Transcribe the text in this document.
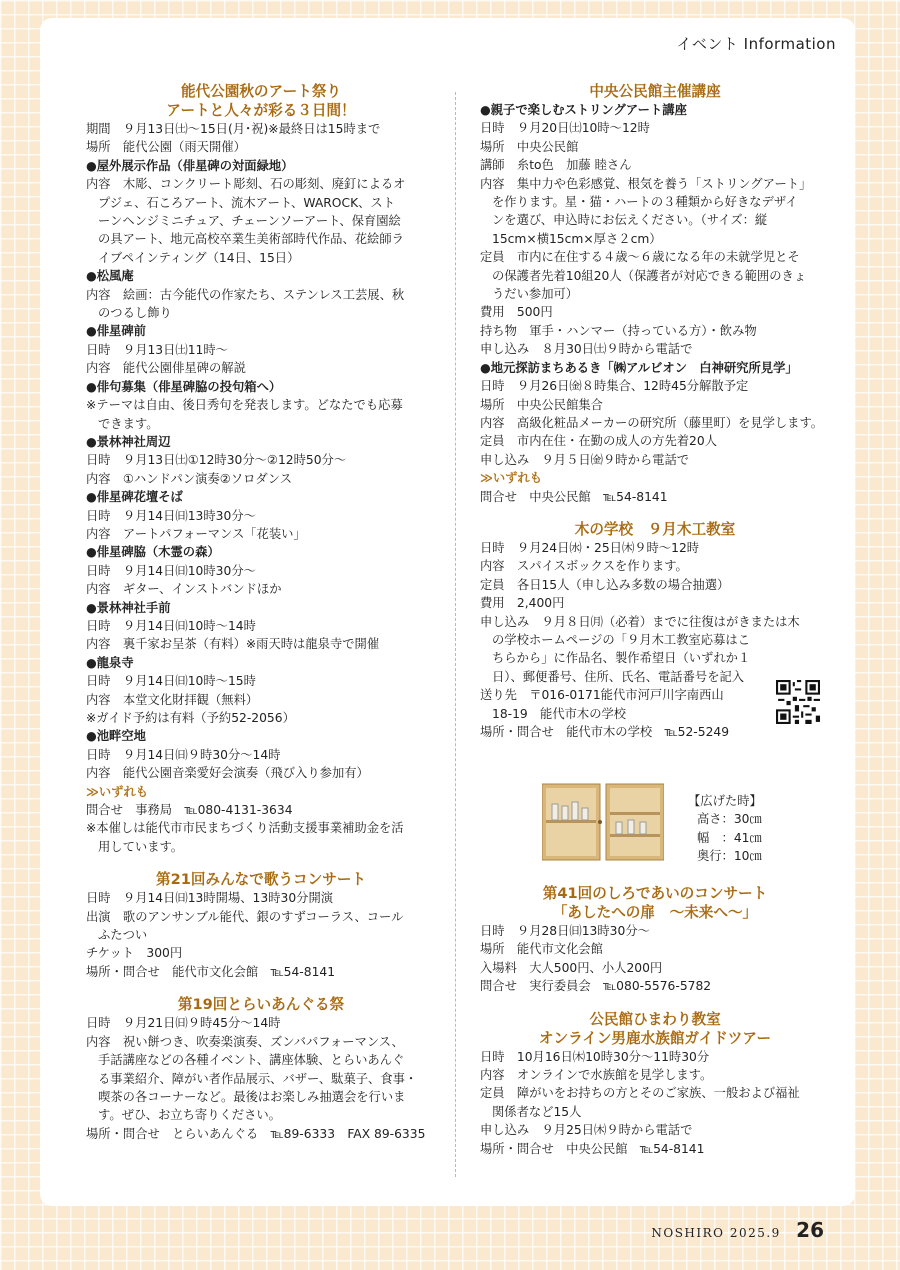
イベント Information
能代公園秋のアート祭り
アートと人々が彩る３日間！
期間　９月13日㈯〜15日(月･祝)※最終日は15時まで
場所　能代公園（雨天開催）
●屋外展示作品（俳星碑の対面緑地）
内容　木彫、コンクリート彫刻、石の彫刻、廃釘によるオ
プジェ、石ころアート、流木アート、WAROCK、スト
ーンヘンジミニチュア、チェーンソーアート、保育園絵
の具アート、地元高校卒業生美術部時代作品、花絵師ラ
イブペインティング（14日、15日）
●松風庵
内容　絵画：古今能代の作家たち、ステンレス工芸展、秋
のつるし飾り
●俳星碑前
日時　９月13日㈯11時〜
内容　能代公園俳星碑の解説
●俳句募集（俳星碑脇の投句箱へ）
※テーマは自由、後日秀句を発表します。どなたでも応募
できます。
●景林神社周辺
日時　９月13日㈯①12時30分〜②12時50分〜
内容　①ハンドパン演奏②ソロダンス
●俳星碑花壇そば
日時　９月14日㈰13時30分〜
内容　アートパフォーマンス「花装い」
●俳星碑脇（木霊の森）
日時　９月14日㈰10時30分〜
内容　ギター、インストバンドほか
●景林神社手前
日時　９月14日㈰10時〜14時
内容　裏千家お呈茶（有料）※雨天時は龍泉寺で開催
●龍泉寺
日時　９月14日㈰10時〜15時
内容　本堂文化財拝観（無料）
※ガイド予約は有料（予約52-2056）
●池畔空地
日時　９月14日㈰９時30分〜14時
内容　能代公園音楽愛好会演奏（飛び入り参加有）
≫いずれも
問合せ　事務局　℡080-4131-3634
※本催しは能代市市民まちづくり活動支援事業補助金を活
用しています。
第21回みんなで歌うコンサート
日時　９月14日㈰13時開場、13時30分開演
出演　歌のアンサンブル能代、銀のすずコーラス、コール
ふたつい
チケット　300円
場所・問合せ　能代市文化会館　℡54-8141
第19回とらいあんぐる祭
日時　９月21日㈰９時45分〜14時
内容　祝い餅つき、吹奏楽演奏、ズンバパフォーマンス、
手話講座などの各種イベント、講座体験、とらいあんぐ
る事業紹介、障がい者作品展示、バザー、駄菓子、食事・
喫茶の各コーナーなど。最後はお楽しみ抽選会を行いま
す。ぜひ、お立ち寄りください。
場所・問合せ　とらいあんぐる　℡89-6333　FAX 89-6335
中央公民館主催講座
●親子で楽しむストリングアート講座
日時　９月20日㈯10時〜12時
場所　中央公民館
講師　糸to色　加藤 睦さん
内容　集中力や色彩感覚、根気を養う「ストリングアート」
を作ります。星・猫・ハートの３種類から好きなデザイ
ンを選び、申込時にお伝えください。（サイズ：縦
15cm×横15cm×厚さ２cm）
定員　市内に在住する４歳〜６歳になる年の未就学児とそ
の保護者先着10組20人（保護者が対応できる範囲のきょ
うだい参加可）
費用　500円
持ち物　軍手・ハンマー（持っている方）・飲み物
申し込み　８月30日㈯９時から電話で
●地元探訪まちあるき「㈱アルビオン　白神研究所見学」
日時　９月26日㈮８時集合、12時45分解散予定
場所　中央公民館集合
内容　高級化粧品メーカーの研究所（藤里町）を見学します。
定員　市内在住・在勤の成人の方先着20人
申し込み　９月５日㈮９時から電話で
≫いずれも
問合せ　中央公民館　℡54-8141
木の学校　９月木工教室
日時　９月24日㈬・25日㈭９時〜12時
内容　スパイスボックスを作ります。
定員　各日15人（申し込み多数の場合抽選）
費用　2,400円
申し込み　９月８日㈪（必着）までに往復はがきまたは木
の学校ホームページの「９月木工教室応募はこ
ちらから」に作品名、製作希望日（いずれか１
日）、郵便番号、住所、氏名、電話番号を記入
送り先　〒016-0171能代市河戸川字南西山
18-19　能代市木の学校
場所・問合せ　能代市木の学校　℡52-5249
第41回のしろであいのコンサート
「あしたへの扉　〜未来へ〜」
日時　９月28日㈰13時30分〜
場所　能代市文化会館
入場料　大人500円、小人200円
問合せ　実行委員会　℡080-5576-5782
公民館ひまわり教室
オンライン男鹿水族館ガイドツアー
日時　10月16日㈭10時30分〜11時30分
内容　オンラインで水族館を見学します。
定員　障がいをお持ちの方とそのご家族、一般および福祉
関係者など15人
申し込み　９月25日㈭９時から電話で
場所・問合せ　中央公民館　℡54-8141
【広げた時】
高さ：30㎝
幅　：41㎝
奥行：10㎝
NOSHIRO 2025.9 26
